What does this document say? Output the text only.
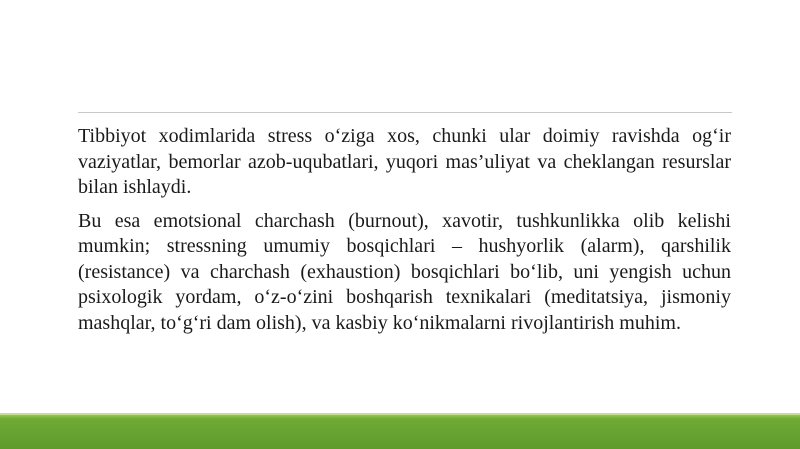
Tibbiyot xodimlarida stress o‘ziga xos, chunki ular doimiy ravishda og‘ir vaziyatlar, bemorlar azob-uqubatlari, yuqori mas’uliyat va cheklangan resurslar bilan ishlaydi.

Bu esa emotsional charchash (burnout), xavotir, tushkunlikka olib kelishi mumkin; stressning umumiy bosqichlari – hushyorlik (alarm), qarshilik (resistance) va charchash (exhaustion) bosqichlari bo‘lib, uni yengish uchun psixologik yordam, o‘z-o‘zini boshqarish texnikalari (meditatsiya, jismoniy mashqlar, to‘g‘ri dam olish), va kasbiy ko‘nikmalarni rivojlantirish muhim.
